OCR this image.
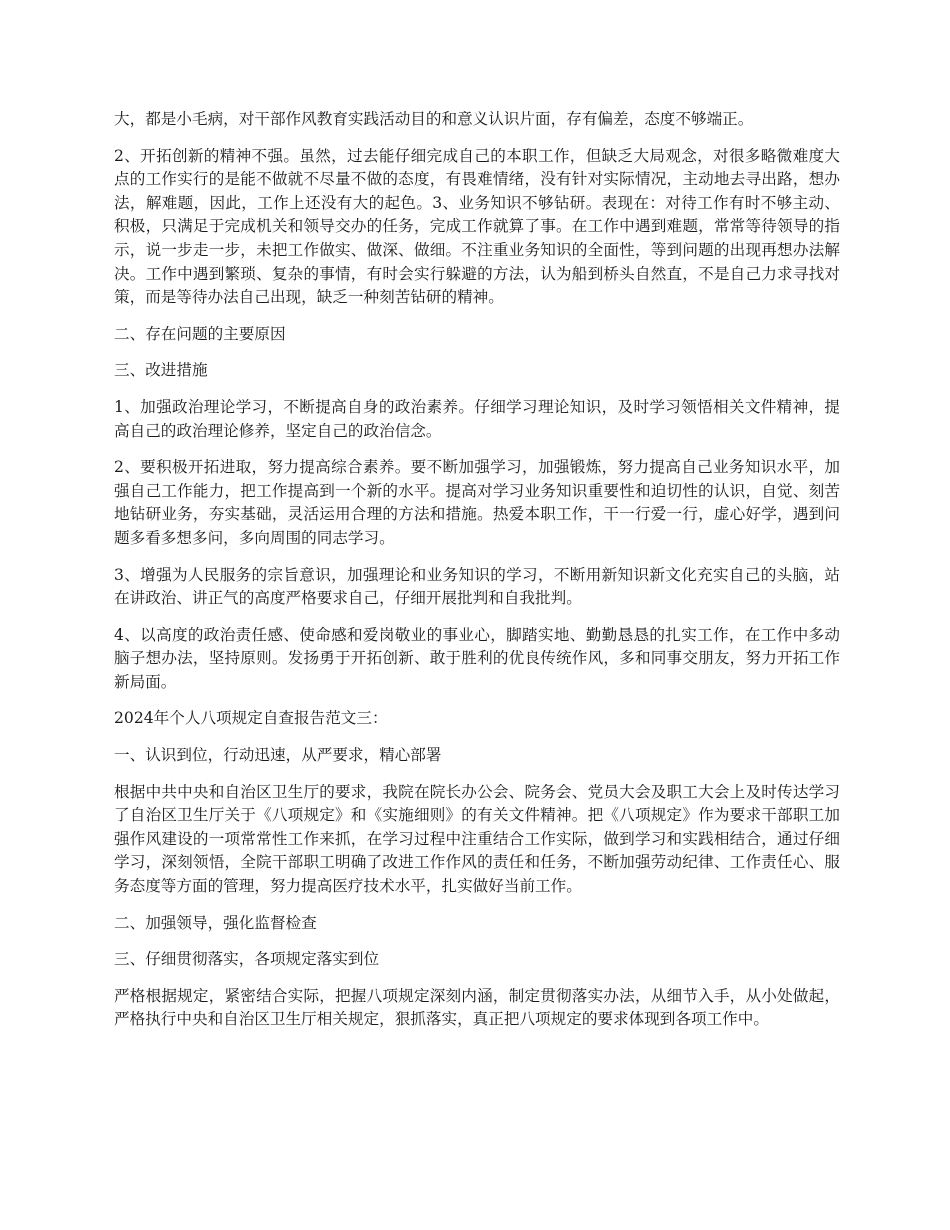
大，都是小毛病，对干部作风教育实践活动目的和意义认识片面，存有偏差，态度不够端正。

2、开拓创新的精神不强。虽然，过去能仔细完成自己的本职工作，但缺乏大局观念，对很多略微难度大点的工作实行的是能不做就不尽量不做的态度，有畏难情绪，没有针对实际情况，主动地去寻出路，想办法，解难题，因此，工作上还没有大的起色。3、业务知识不够钻研。表现在：对待工作有时不够主动、积极，只满足于完成机关和领导交办的任务，完成工作就算了事。在工作中遇到难题，常常等待领导的指示，说一步走一步，未把工作做实、做深、做细。不注重业务知识的全面性，等到问题的出现再想办法解决。工作中遇到繁琐、复杂的事情，有时会实行躲避的方法，认为船到桥头自然直，不是自己力求寻找对策，而是等待办法自己出现，缺乏一种刻苦钻研的精神。

二、存在问题的主要原因

三、改进措施

1、加强政治理论学习，不断提高自身的政治素养。仔细学习理论知识，及时学习领悟相关文件精神，提高自己的政治理论修养，坚定自己的政治信念。

2、要积极开拓进取，努力提高综合素养。要不断加强学习，加强锻炼，努力提高自己业务知识水平，加强自己工作能力，把工作提高到一个新的水平。提高对学习业务知识重要性和迫切性的认识，自觉、刻苦地钻研业务，夯实基础，灵活运用合理的方法和措施。热爱本职工作，干一行爱一行，虚心好学，遇到问题多看多想多问，多向周围的同志学习。

3、增强为人民服务的宗旨意识，加强理论和业务知识的学习，不断用新知识新文化充实自己的头脑，站在讲政治、讲正气的高度严格要求自己，仔细开展批判和自我批判。

4、以高度的政治责任感、使命感和爱岗敬业的事业心，脚踏实地、勤勤恳恳的扎实工作，在工作中多动脑子想办法，坚持原则。发扬勇于开拓创新、敢于胜利的优良传统作风，多和同事交朋友，努力开拓工作新局面。

2024年个人八项规定自查报告范文三：

一、认识到位，行动迅速，从严要求，精心部署

根据中共中央和自治区卫生厅的要求，我院在院长办公会、院务会、党员大会及职工大会上及时传达学习了自治区卫生厅关于《八项规定》和《实施细则》的有关文件精神。把《八项规定》作为要求干部职工加强作风建设的一项常常性工作来抓，在学习过程中注重结合工作实际，做到学习和实践相结合，通过仔细学习，深刻领悟，全院干部职工明确了改进工作作风的责任和任务，不断加强劳动纪律、工作责任心、服务态度等方面的管理，努力提高医疗技术水平，扎实做好当前工作。

二、加强领导，强化监督检查

三、仔细贯彻落实，各项规定落实到位

严格根据规定，紧密结合实际，把握八项规定深刻内涵，制定贯彻落实办法，从细节入手，从小处做起，严格执行中央和自治区卫生厅相关规定，狠抓落实，真正把八项规定的要求体现到各项工作中。
